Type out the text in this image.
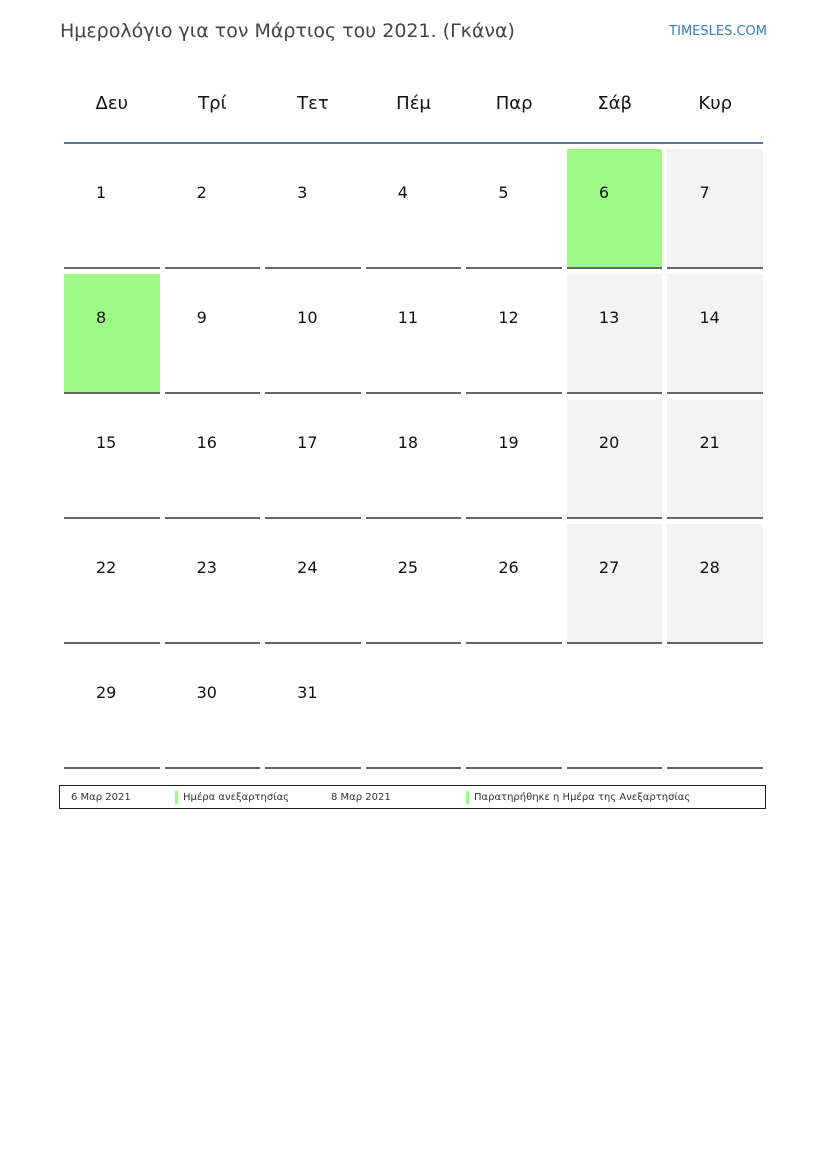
Ημερολόγιο για τον Μάρτιος του 2021. (Γκάνα)	TIMESLES.COM
Δευ	Τρί	Τετ	Πέμ	Παρ	Σάβ	Κυρ
1	2	3	4	5	6	7
8	9	10	11	12	13	14
15	16	17	18	19	20	21
22	23	24	25	26	27	28
29	30	31
6 Μαρ 2021	Ημέρα ανεξαρτησίας	8 Μαρ 2021	Παρατηρήθηκε η Ημέρα της Ανεξαρτησίας
